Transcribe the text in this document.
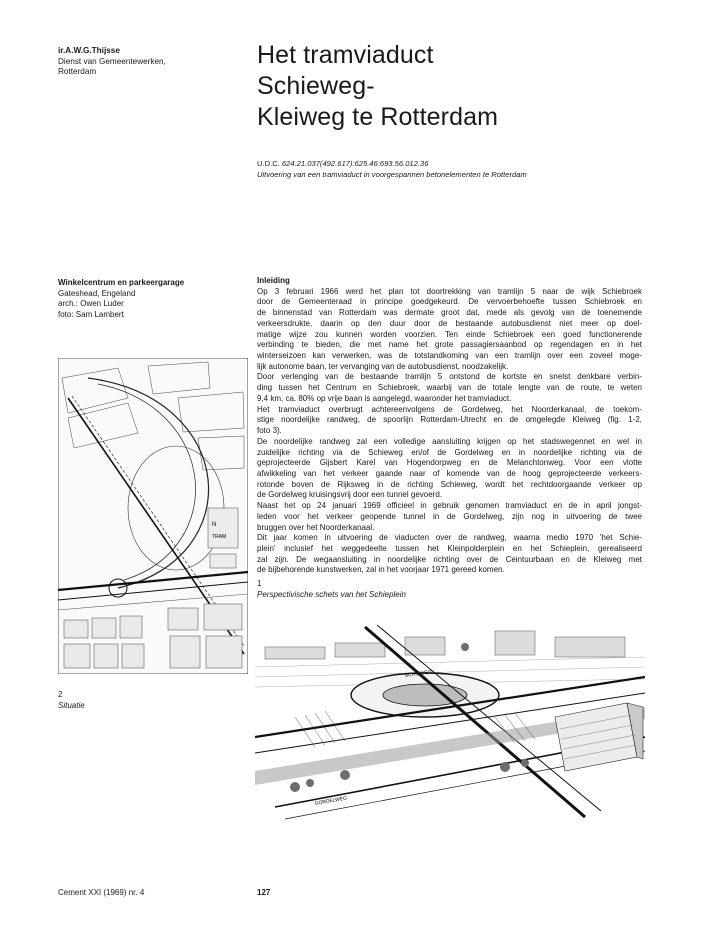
ir.A.W.G.Thijsse
Dienst van Gemeentewerken,
Rotterdam
Het tramviaduct
Schieweg-
Kleiweg te Rotterdam
U.D.C. 624.21.037(492.617):625.46:693.56.012.36
Uitvoering van een tramviaduct in voorgespannen betonelementen te Rotterdam
Winkelcentrum en parkeergarage
Gateshead, Engeland
arch.: Owen Luder
foto: Sam Lambert

Inleiding

Op 3 februari 1966 werd het plan tot doortrekking van tramlijn 5 naar de wijk Schiebroek
door de Gemeenteraad in principe goedgekeurd. De vervoerbehoefte tussen Schiebroek en
de binnenstad van Rotterdam was dermate groot dat, mede als gevolg van de toenemende
verkeersdrukte, daarin op den duur door de bestaande autobusdienst niet meer op doel-
matige wijze zou kunnen worden voorzien. Ten einde Schiebroek een goed functionerende
verbinding te bieden, die met name het grote passagiersaanbod op regendagen en in het
winterseizoen kan verwerken, was de totstandkoming van een tramlijn over een zoveel moge-
lijk autonome baan, ter vervanging van de autobusdienst, noodzakelijk.
Door verlenging van de bestaande tramlijn 5 ontstond de kortste en snelst denkbare verbin-
ding tussen het Centrum en Schiebroek, waarbij van de totale lengte van de route, te weten
9,4 km, ca. 80% op vrije baan is aangelegd, waaronder het tramviaduct.
Het tramviaduct overbrugt achtereenvolgens de Gordelweg, het Noorderkanaal, de toekom-
stige noordelijke randweg, de spoorlijn Rotterdam-Utrecht en de omgelegde Kleiweg (fig. 1-2,
foto 3).
De noordelijke randweg zal een volledige aansluiting krijgen op het stadswegennet en wel in
zuidelijke richting via de Schieweg en/of de Gordelweg en in noordelijke richting via de
geprojecteerde Gijsbert Karel van Hogendorpweg en de Melanchtonweg. Voor een vlotte
afwikkeling van het verkeer gaande naar of komende van de hoog geprojecteerde verkeers-
rotonde boven de Rijksweg in de richting Schieweg, wordt het rechtdoorgaande verkeer op
de Gordelweg kruisingsvrij door een tunnel gevoerd.
Naast het op 24 januari 1969 officieel in gebruik genomen tramviaduct en de in april jongst-
leden voor het verkeer geopende tunnel in de Gordelweg, zijn nog in uitvoering de twee
bruggen over het Noorderkanaal.
Dit jaar komen in uitvoering de viaducten over de randweg, waarna medio 1970 'het Schie-
plein' inclusief het weggedeelte tussen het Kleinpolderplein en het Schieplein, gerealiseerd
zal zijn. De wegaansluiting in noordelijke richting over de Ceintuurbaan en de Kleiweg met
de bijbehorende kunstwerken, zal in het voorjaar 1971 gereed komen.
1
Perspectivische schets van het Schieplein
2
Situatie
N
TRAM
GORDELWEG
SCHIEWEG
Cement XXI (1969) nr. 4	127
